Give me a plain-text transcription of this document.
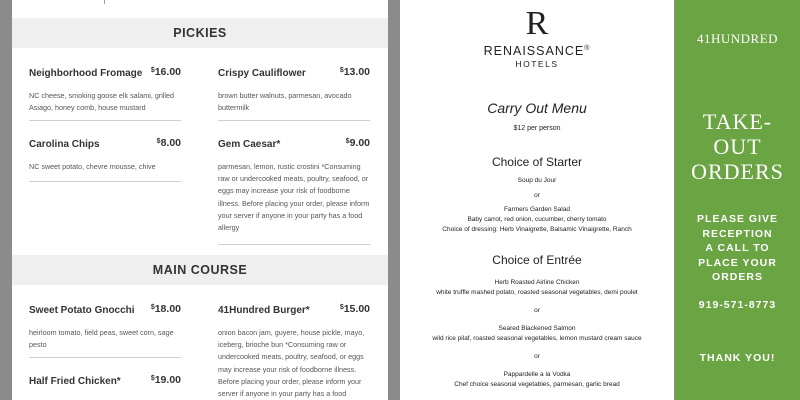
PICKIES
Neighborhood Fromage $16.00
NC cheese, smoking goose elk salami, grilled Asiago, honey comb, house mustard
Crispy Cauliflower	$13.00
brown butter walnuts, parmesan, avocado buttermilk
Carolina Chips	$8.00
NC sweet potato, chevre mousse, chive
Gem Caesar*	$9.00
parmesan, lemon, rustic crostini *Consuming raw or undercooked meats, poultry, seafood, or eggs may increase your risk of foodborne illness. Before placing your order, please inform your server if anyone in your party has a food allergy
MAIN COURSE
Sweet Potato Gnocchi $18.00
heirloom tomato, field peas, sweet corn, sage pesto
41Hundred Burger*	$15.00
onion bacon jam, guyere, house pickle, mayo, iceberg, brioche bun *Consuming raw or undercooked meats, poultry, seafood, or eggs may increase your risk of foodborne illness. Before placing your order, please inform your server if anyone in your party has a food
Half Fried Chicken*	$19.00
R
RENAISSANCE®
HOTELS
Carry Out Menu
$12 per person
Choice of Starter
Soup du Jour
or
Farmers Garden Salad
Baby carrot, red onion, cucumber, cherry tomato
Choice of dressing: Herb Vinaigrette, Balsamic Vinaigrette, Ranch
Choice of Entrée
Herb Roasted Airline Chicken
white truffle mashed potato, roasted seasonal vegetables, demi poulet
or
Seared Blackened Salmon
wild rice pilaf, roasted seasonal vegetables, lemon mustard cream sauce
or
Pappardelle a la Vodka
Chef choice seasonal vegetables, parmesan, garlic bread
41HUNDRED
TAKE-
OUT
ORDERS
PLEASE GIVE
RECEPTION
A CALL TO
PLACE YOUR
ORDERS
919-571-8773
THANK YOU!
